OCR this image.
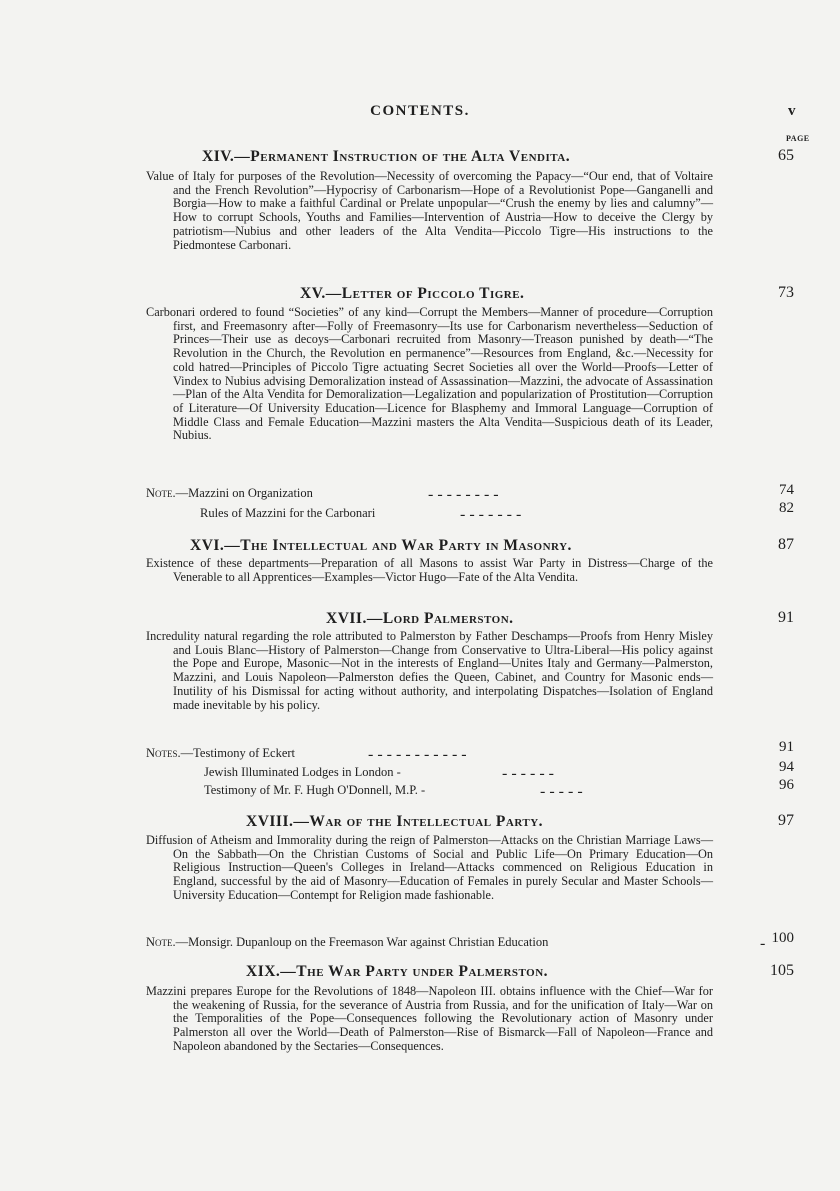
CONTENTS.	v
PAGE
XIV.—Permanent Instruction of the Alta Vendita.	65
Value of Italy for purposes of the Revolution—Necessity of overcoming the Papacy—“Our end, that of Voltaire and the French Revolution”—Hypocrisy of Carbonarism—Hope of a Revolutionist Pope—Ganganelli and Borgia—How to make a faithful Cardinal or Prelate unpopular—“Crush the enemy by lies and calumny”—How to corrupt Schools, Youths and Families—Intervention of Austria—How to deceive the Clergy by patriotism—Nubius and other leaders of the Alta Vendita—Piccolo Tigre—His instructions to the Piedmontese Carbonari.
XV.—Letter of Piccolo Tigre.	73
Carbonari ordered to found “Societies” of any kind—Corrupt the Members—Manner of procedure—Corruption first, and Freemasonry after—Folly of Freemasonry—Its use for Carbonarism nevertheless—Seduction of Princes—Their use as decoys—Carbonari recruited from Masonry—Treason punished by death—“The Revolution in the Church, the Revolution en permanence”—Resources from England, &c.—Necessity for cold hatred—Principles of Piccolo Tigre actuating Secret Societies all over the World—Proofs—Letter of Vindex to Nubius advising Demoralization instead of Assassination—Mazzini, the advocate of Assassination—Plan of the Alta Vendita for Demoralization—Legalization and popularization of Prostitution—Corruption of Literature—Of University Education—Licence for Blasphemy and Immoral Language—Corruption of Middle Class and Female Education—Mazzini masters the Alta Vendita—Suspicious death of its Leader, Nubius.
Note.—Mazzini on Organization	- - - - - - - -	74
Rules of Mazzini for the Carbonari	- - - - - - -	82
XVI.—The Intellectual and War Party in Masonry.	87
Existence of these departments—Preparation of all Masons to assist War Party in Distress—Charge of the Venerable to all Apprentices—Examples—Victor Hugo—Fate of the Alta Vendita.
XVII.—Lord Palmerston.	91
Incredulity natural regarding the role attributed to Palmerston by Father Deschamps—Proofs from Henry Misley and Louis Blanc—History of Palmerston—Change from Conservative to Ultra-Liberal—His policy against the Pope and Europe, Masonic—Not in the interests of England—Unites Italy and Germany—Palmerston, Mazzini, and Louis Napoleon—Palmerston defies the Queen, Cabinet, and Country for Masonic ends—Inutility of his Dismissal for acting without authority, and interpolating Dispatches—Isolation of England made inevitable by his policy.
Notes.—Testimony of Eckert	- - - - - - - - - - -	91
Jewish Illuminated Lodges in London -	- - - - - -	94
Testimony of Mr. F. Hugh O'Donnell, M.P. -	- - - - -	96
XVIII.—War of the Intellectual Party.	97
Diffusion of Atheism and Immorality during the reign of Palmerston—Attacks on the Christian Marriage Laws—On the Sabbath—On the Christian Customs of Social and Public Life—On Primary Education—On Religious Instruction—Queen's Colleges in Ireland—Attacks commenced on Religious Education in England, successful by the aid of Masonry—Education of Females in purely Secular and Master Schools—University Education—Contempt for Religion made fashionable.
Note.—Monsigr. Dupanloup on the Freemason War against Christian Education	- 100
XIX.—The War Party under Palmerston.	105
Mazzini prepares Europe for the Revolutions of 1848—Napoleon III. obtains influence with the Chief—War for the weakening of Russia, for the severance of Austria from Russia, and for the unification of Italy—War on the Temporalities of the Pope—Consequences following the Revolutionary action of Masonry under Palmerston all over the World—Death of Palmerston—Rise of Bismarck—Fall of Napoleon—France and Napoleon abandoned by the Sectaries—Consequences.
